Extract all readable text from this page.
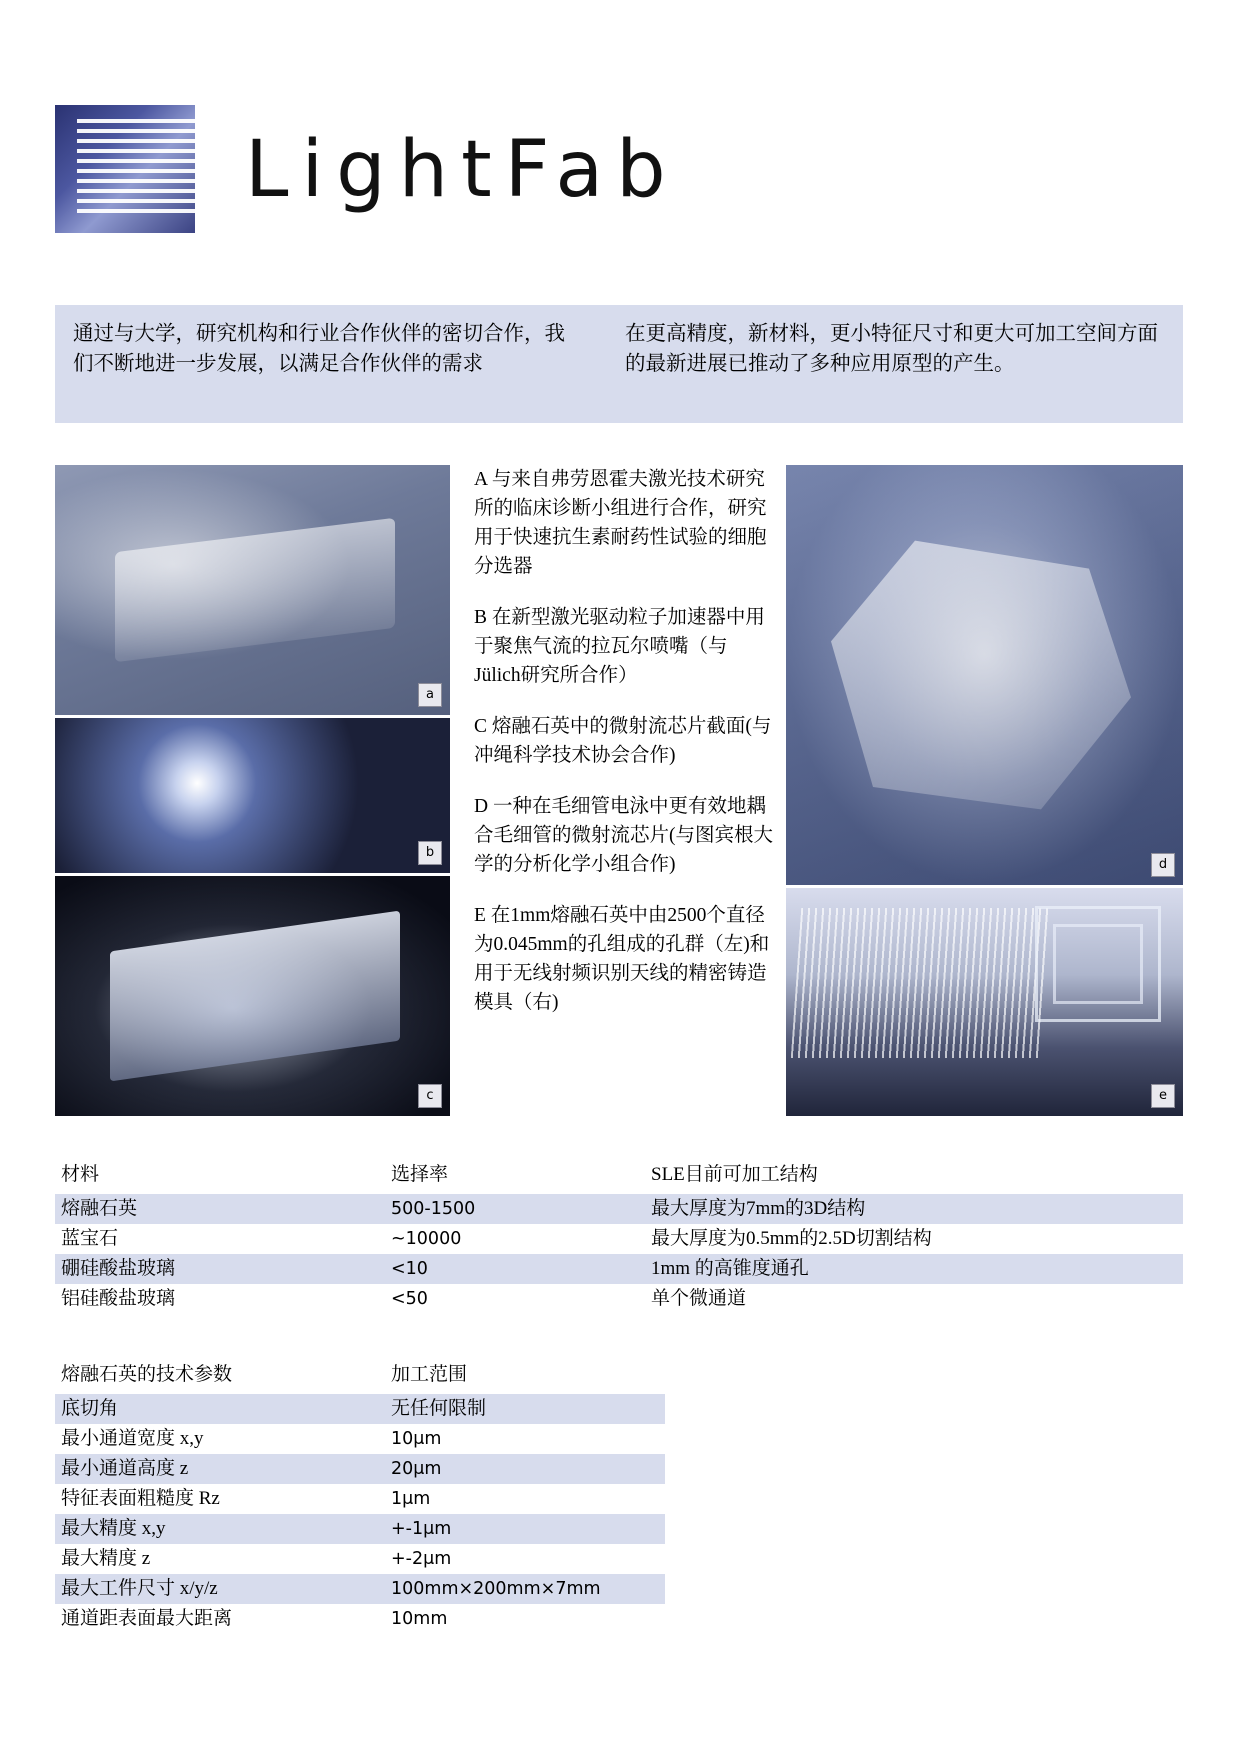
LightFab
通过与大学，研究机构和行业合作伙伴的密切合作，我们不断地进一步发展，以满足合作伙伴的需求
在更高精度，新材料，更小特征尺寸和更大可加工空间方面的最新进展已推动了多种应用原型的产生。
a
b
c
d
e
A 与来自弗劳恩霍夫激光技术研究所的临床诊断小组进行合作，研究用于快速抗生素耐药性试验的细胞分选器
B 在新型激光驱动粒子加速器中用于聚焦气流的拉瓦尔喷嘴（与Jülich研究所合作）
C 熔融石英中的微射流芯片截面(与冲绳科学技术协会合作)
D 一种在毛细管电泳中更有效地耦合毛细管的微射流芯片(与图宾根大学的分析化学小组合作)
E 在1mm熔融石英中由2500个直径为0.045mm的孔组成的孔群（左)和用于无线射频识别天线的精密铸造模具（右)
材料	选择率	SLE目前可加工结构
熔融石英	500-1500	最大厚度为7mm的3D结构
蓝宝石	~10000	最大厚度为0.5mm的2.5D切割结构
硼硅酸盐玻璃	<10	1mm 的高锥度通孔
铝硅酸盐玻璃	<50	单个微通道
熔融石英的技术参数	加工范围
底切角	无任何限制
最小通道宽度 x,y	10μm
最小通道高度 z	20μm
特征表面粗糙度 Rz	1μm
最大精度 x,y	+-1μm
最大精度 z	+-2μm
最大工件尺寸 x/y/z	100mm×200mm×7mm
通道距表面最大距离	10mm
